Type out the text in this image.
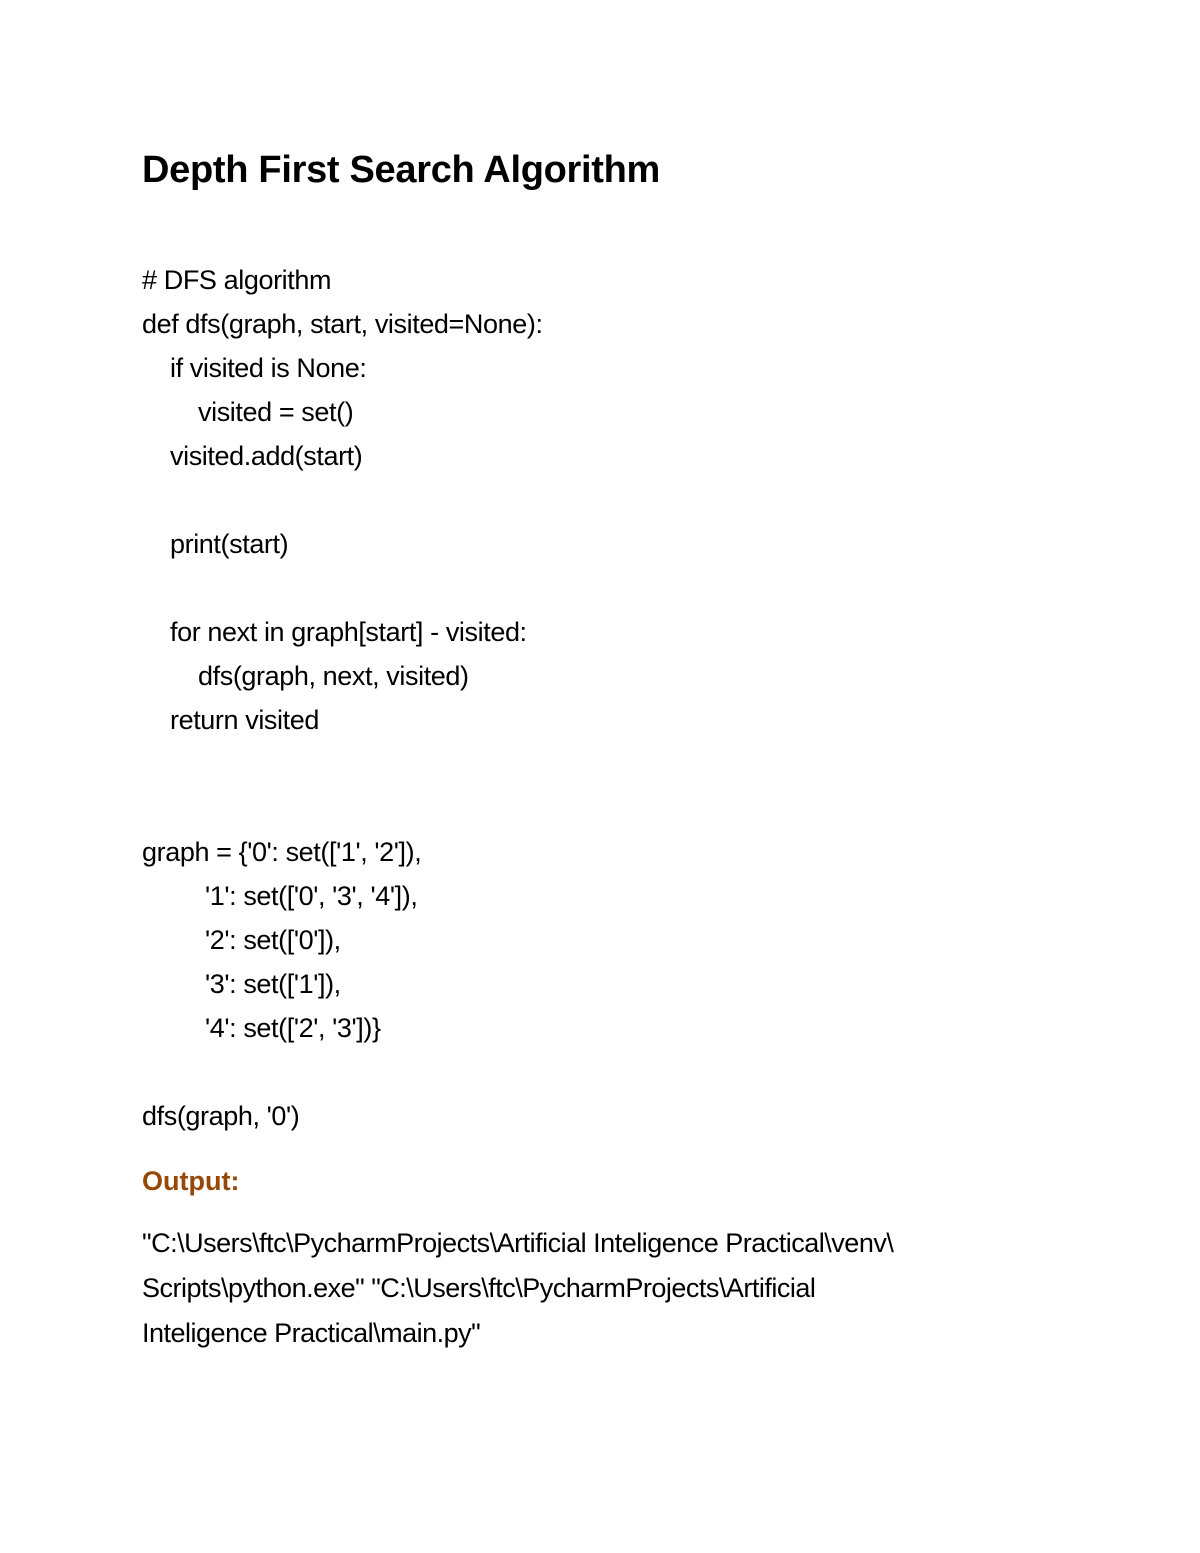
Depth First Search Algorithm
# DFS algorithm
def dfs(graph, start, visited=None):
if visited is None:
visited = set()
visited.add(start)
print(start)
for next in graph[start] - visited:
dfs(graph, next, visited)
return visited
graph = {'0': set(['1', '2']),
'1': set(['0', '3', '4']),
'2': set(['0']),
'3': set(['1']),
'4': set(['2', '3'])}
dfs(graph, '0')
Output:
"C:\Users\ftc\PycharmProjects\Artificial Inteligence Practical\venv\
Scripts\python.exe" "C:\Users\ftc\PycharmProjects\Artificial
Inteligence Practical\main.py"
